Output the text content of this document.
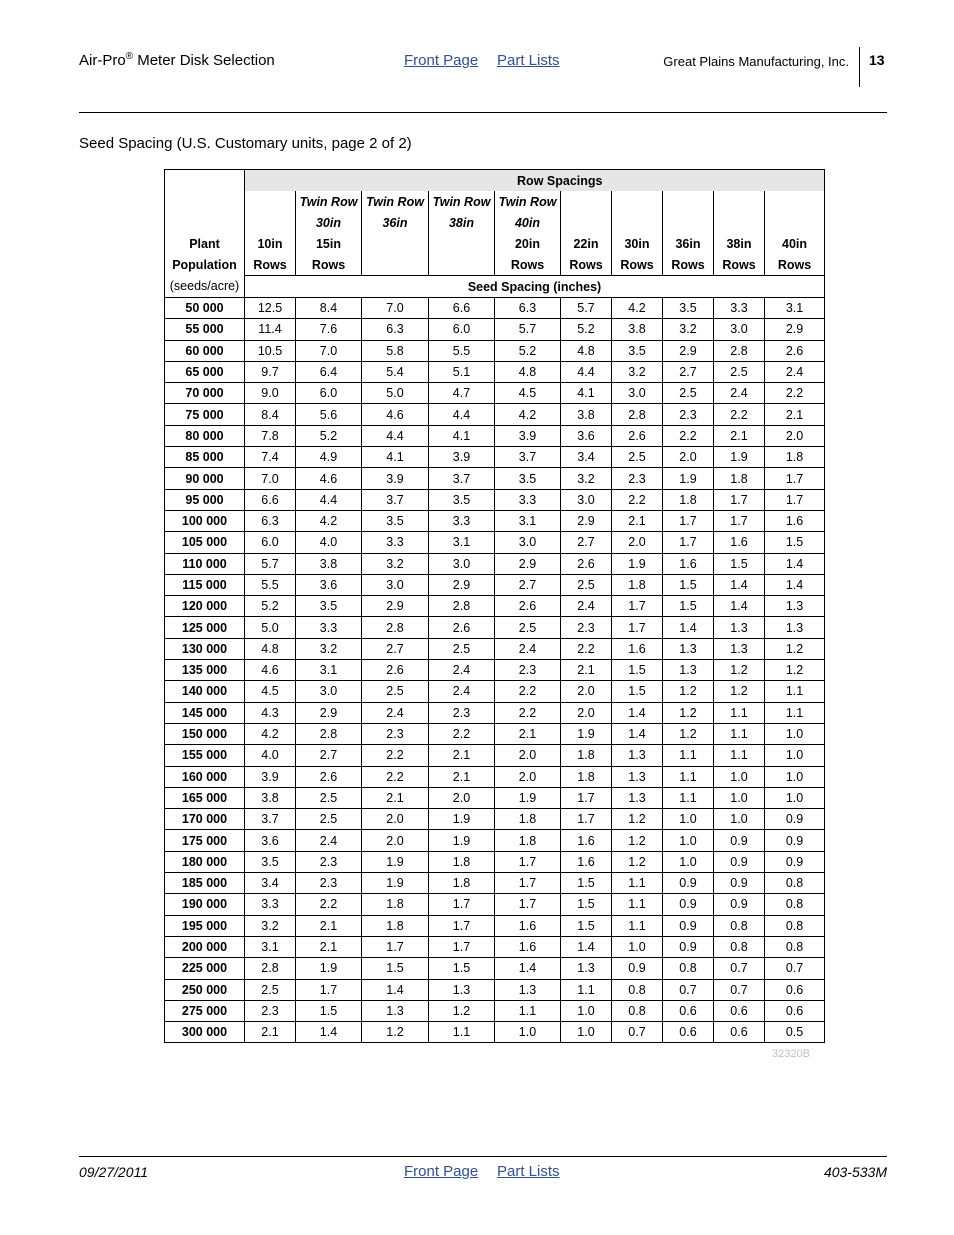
Air-Pro® Meter Disk Selection	Front Page Part Lists	Great Plains Manufacturing, Inc. 13
Seed Spacing (U.S. Customary units, page 2 of 2)
		Row Spacings								
		Twin Row	Twin Row	Twin Row	Twin Row					
		30in	36in	38in	40in					
Plant	10in	15in			20in	22in	30in	36in	38in	40in
Population	Rows	Rows			Rows	Rows	Rows	Rows	Rows	Rows
(seeds/acre)	Seed Spacing (inches)									
50 000	12.5	8.4	7.0	6.6	6.3	5.7	4.2	3.5	3.3	3.1
55 000	11.4	7.6	6.3	6.0	5.7	5.2	3.8	3.2	3.0	2.9
60 000	10.5	7.0	5.8	5.5	5.2	4.8	3.5	2.9	2.8	2.6
65 000	9.7	6.4	5.4	5.1	4.8	4.4	3.2	2.7	2.5	2.4
70 000	9.0	6.0	5.0	4.7	4.5	4.1	3.0	2.5	2.4	2.2
75 000	8.4	5.6	4.6	4.4	4.2	3.8	2.8	2.3	2.2	2.1
80 000	7.8	5.2	4.4	4.1	3.9	3.6	2.6	2.2	2.1	2.0
85 000	7.4	4.9	4.1	3.9	3.7	3.4	2.5	2.0	1.9	1.8
90 000	7.0	4.6	3.9	3.7	3.5	3.2	2.3	1.9	1.8	1.7
95 000	6.6	4.4	3.7	3.5	3.3	3.0	2.2	1.8	1.7	1.7
100 000	6.3	4.2	3.5	3.3	3.1	2.9	2.1	1.7	1.7	1.6
105 000	6.0	4.0	3.3	3.1	3.0	2.7	2.0	1.7	1.6	1.5
110 000	5.7	3.8	3.2	3.0	2.9	2.6	1.9	1.6	1.5	1.4
115 000	5.5	3.6	3.0	2.9	2.7	2.5	1.8	1.5	1.4	1.4
120 000	5.2	3.5	2.9	2.8	2.6	2.4	1.7	1.5	1.4	1.3
125 000	5.0	3.3	2.8	2.6	2.5	2.3	1.7	1.4	1.3	1.3
130 000	4.8	3.2	2.7	2.5	2.4	2.2	1.6	1.3	1.3	1.2
135 000	4.6	3.1	2.6	2.4	2.3	2.1	1.5	1.3	1.2	1.2
140 000	4.5	3.0	2.5	2.4	2.2	2.0	1.5	1.2	1.2	1.1
145 000	4.3	2.9	2.4	2.3	2.2	2.0	1.4	1.2	1.1	1.1
150 000	4.2	2.8	2.3	2.2	2.1	1.9	1.4	1.2	1.1	1.0
155 000	4.0	2.7	2.2	2.1	2.0	1.8	1.3	1.1	1.1	1.0
160 000	3.9	2.6	2.2	2.1	2.0	1.8	1.3	1.1	1.0	1.0
165 000	3.8	2.5	2.1	2.0	1.9	1.7	1.3	1.1	1.0	1.0
170 000	3.7	2.5	2.0	1.9	1.8	1.7	1.2	1.0	1.0	0.9
175 000	3.6	2.4	2.0	1.9	1.8	1.6	1.2	1.0	0.9	0.9
180 000	3.5	2.3	1.9	1.8	1.7	1.6	1.2	1.0	0.9	0.9
185 000	3.4	2.3	1.9	1.8	1.7	1.5	1.1	0.9	0.9	0.8
190 000	3.3	2.2	1.8	1.7	1.7	1.5	1.1	0.9	0.9	0.8
195 000	3.2	2.1	1.8	1.7	1.6	1.5	1.1	0.9	0.8	0.8
200 000	3.1	2.1	1.7	1.7	1.6	1.4	1.0	0.9	0.8	0.8
225 000	2.8	1.9	1.5	1.5	1.4	1.3	0.9	0.8	0.7	0.7
250 000	2.5	1.7	1.4	1.3	1.3	1.1	0.8	0.7	0.7	0.6
275 000	2.3	1.5	1.3	1.2	1.1	1.0	0.8	0.6	0.6	0.6
300 000	2.1	1.4	1.2	1.1	1.0	1.0	0.7	0.6	0.6	0.5
32320B
09/27/2011	Front Page Part Lists	403-533M
